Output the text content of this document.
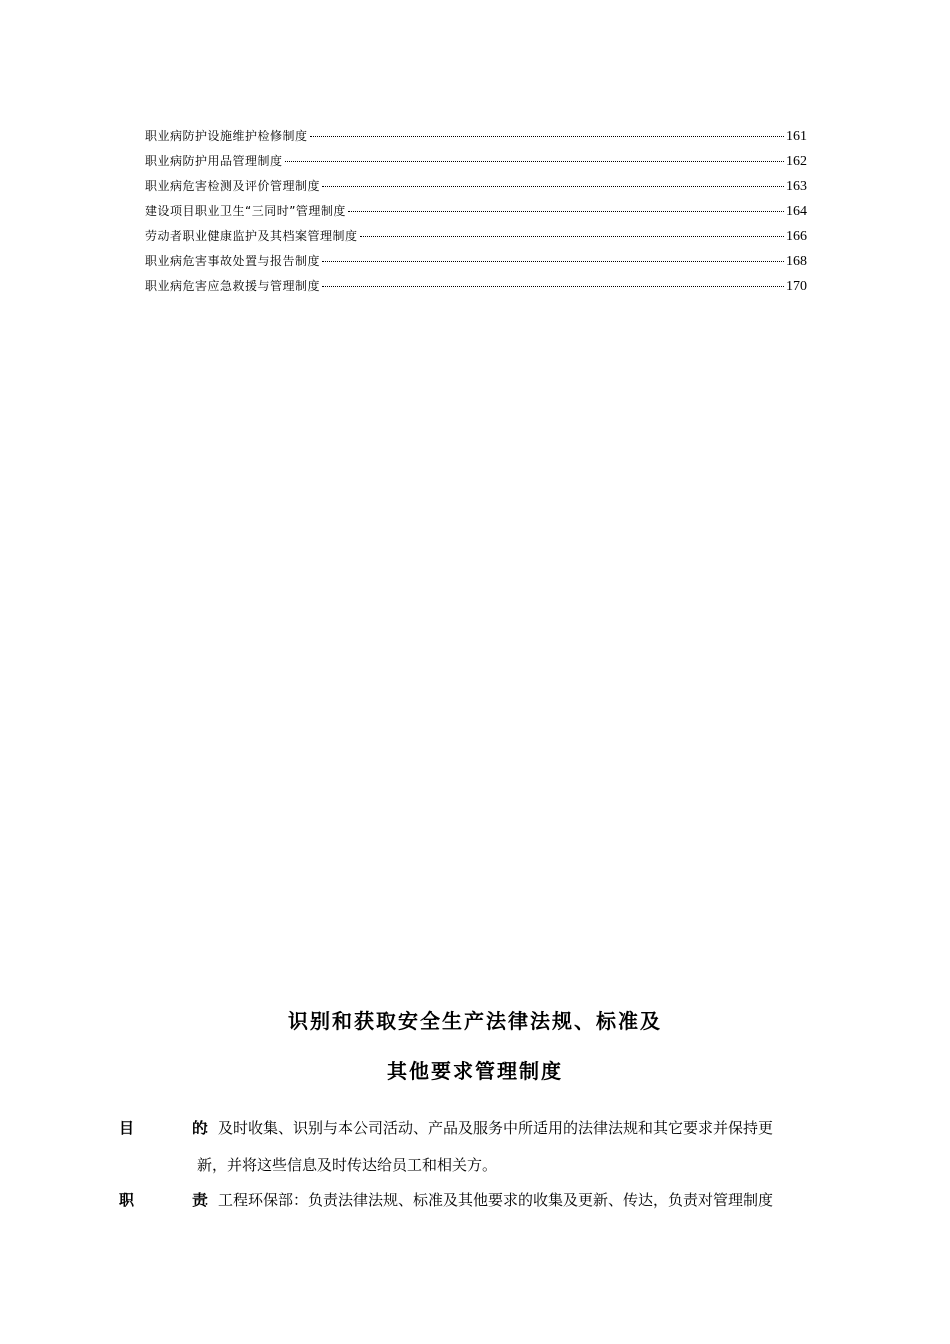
职业病防护设施维护检修制度	161
职业病防护用品管理制度	162
职业病危害检测及评价管理制度	163
建设项目职业卫生“三同时”管理制度	164
劳动者职业健康监护及其档案管理制度	166
职业病危害事故处置与报告制度	168
职业病危害应急救援与管理制度	170
识别和获取安全生产法律法规、标准及
其他要求管理制度
目	的
：及时收集、识别与本公司活动、产品及服务中所适用的法律法规和其它要求并保持更
新，并将这些信息及时传达给员工和相关方。
职	责
：工程环保部：负责法律法规、标准及其他要求的收集及更新、传达，负责对管理制度
